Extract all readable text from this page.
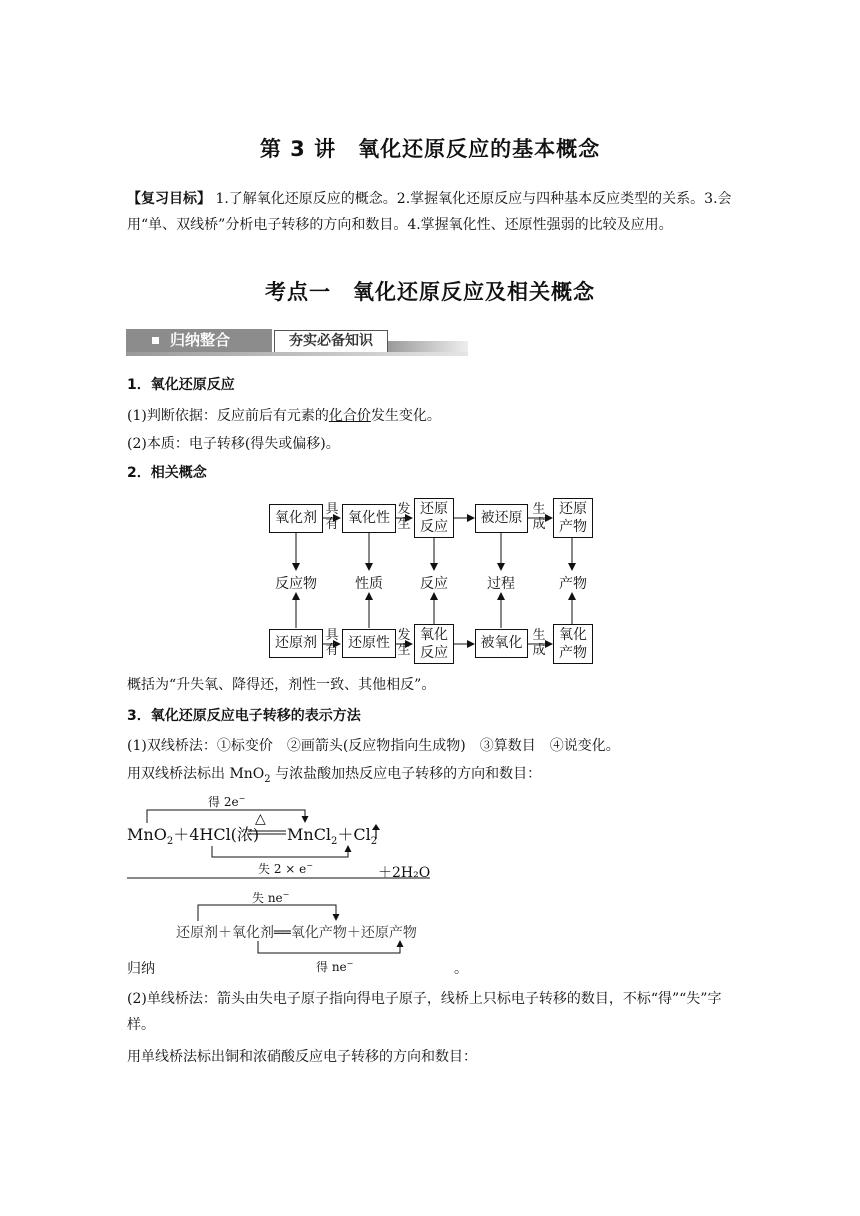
第 3 讲　氧化还原反应的基本概念
【复习目标】 1.了解氧化还原反应的概念。2.掌握氧化还原反应与四种基本反应类型的关系。3.会用“单、双线桥”分析电子转移的方向和数目。4.掌握氧化性、还原性强弱的比较及应用。
考点一　氧化还原反应及相关概念
归纳整合	夯实必备知识
1．氧化还原反应
(1)判断依据：反应前后有元素的化合价发生变化。
(2)本质：电子转移(得失或偏移)。
2．相关概念
氧化剂
具
有 氧化性
发
生
还原
反应
被还原
生
成
还原
产物
反应物	性质	反应	过程	产物
还原剂 具
有 还原性 发
生
氧化
反应
被氧化 生
成
氧化
产物
概括为“升失氧、降得还，剂性一致、其他相反”。
3．氧化还原反应电子转移的表示方法
(1)双线桥法：①标变价　②画箭头(反应物指向生成物)　③算数目　④说变化。
用双线桥法标出 MnO$_2$ 与浓盐酸加热反应电子转移的方向和数目：
得 2e−
MnO$_2$＋4HCl(浓)
△
$MnCl_2+Cl_2$
失 2 × e−	＋2H₂O
失 ne−
还原剂＋氧化剂══氧化产物＋还原产物
得 ne−
归纳	。
(2)单线桥法：箭头由失电子原子指向得电子原子，线桥上只标电子转移的数目，不标“得”“失”字样。
用单线桥法标出铜和浓硝酸反应电子转移的方向和数目：
